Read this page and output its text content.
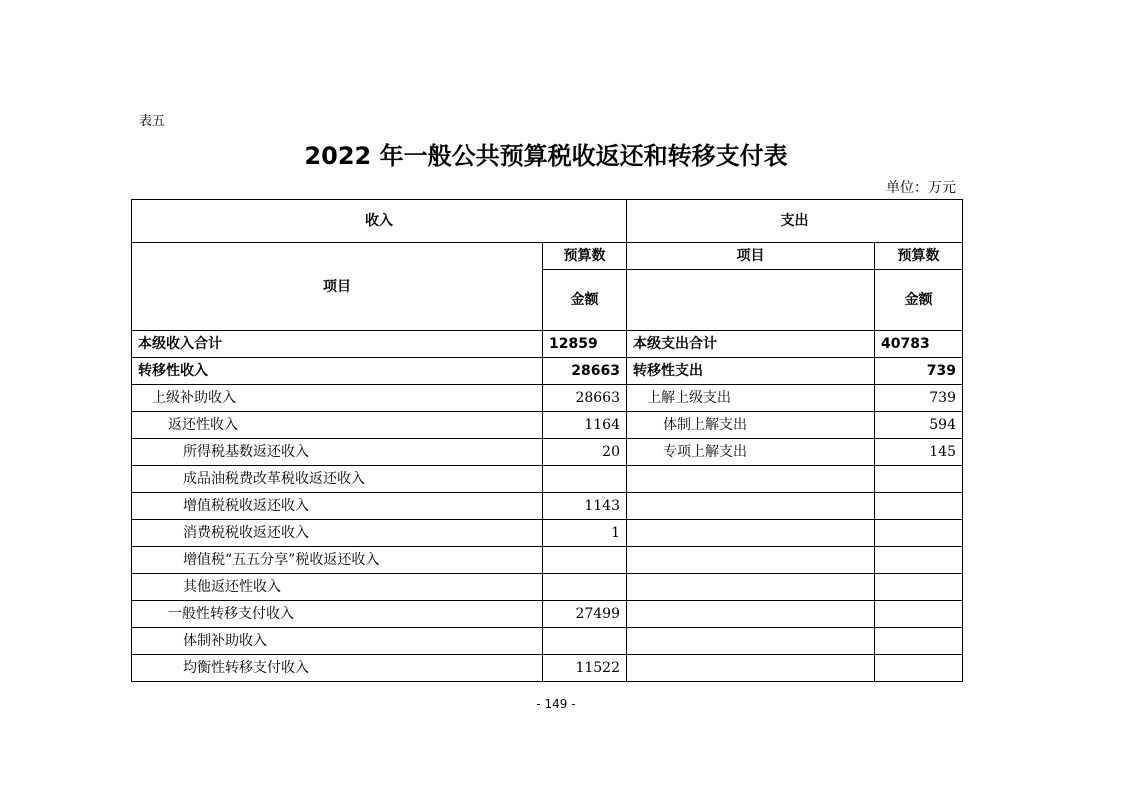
表五
2022 年一般公共预算税收返还和转移支付表
单位：万元
收入		支出	
项目	预算数	项目	预算数
	金额		金额
本级收入合计	12859	本级支出合计	40783
转移性收入	28663	转移性支出	739
上级补助收入	28663	上解上级支出	739
返还性收入	1164	体制上解支出	594
所得税基数返还收入	20	专项上解支出	145
成品油税费改革税收返还收入			
增值税税收返还收入	1143		
消费税税收返还收入	1		
增值税“五五分享”税收返还收入			
其他返还性收入			
一般性转移支付收入	27499		
体制补助收入			
均衡性转移支付收入	11522		
- 149 -
